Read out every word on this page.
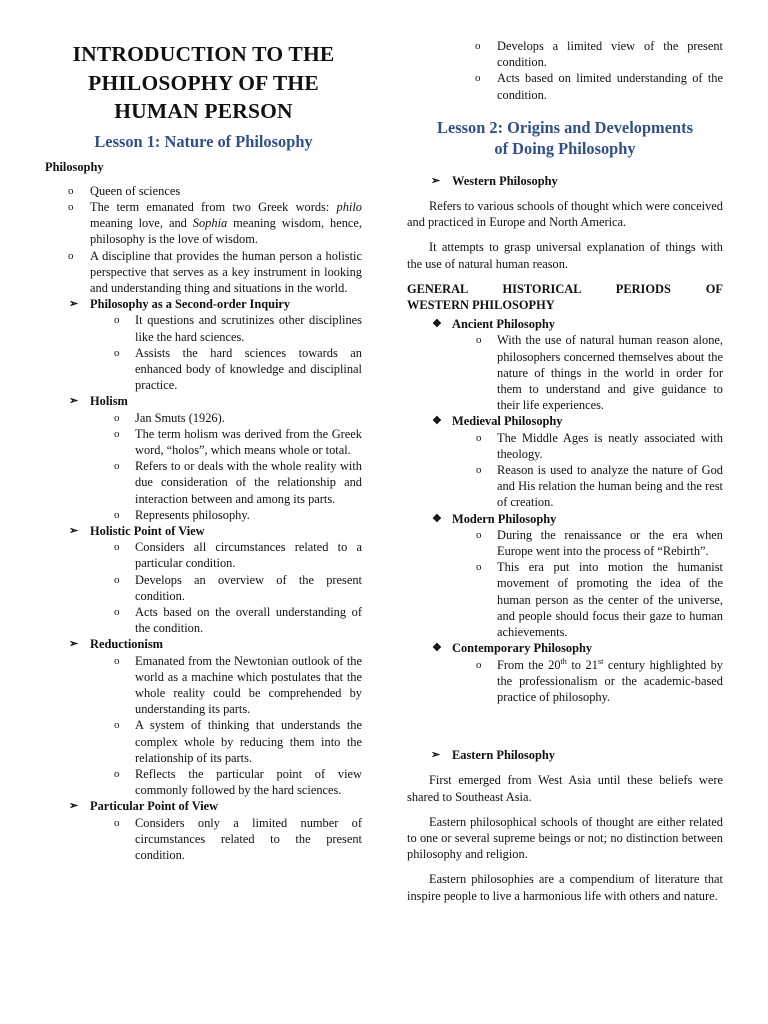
INTRODUCTION TO THE
PHILOSOPHY OF THE
HUMAN PERSON
Lesson 1: Nature of Philosophy

Philosophy

o Queen of sciences
o The term emanated from two Greek words: philo meaning love, and Sophia meaning wisdom, hence, philosophy is the love of wisdom.
o A discipline that provides the human person a holistic perspective that serves as a key instrument in looking and understanding thing and situations in the world.
➢ Philosophy as a Second-order Inquiry
o It questions and scrutinizes other disciplines like the hard sciences.
o Assists the hard sciences towards an enhanced body of knowledge and disciplinal practice.
➢ Holism
o Jan Smuts (1926).
o The term holism was derived from the Greek word, “holos”, which means whole or total.
o Refers to or deals with the whole reality with due consideration of the relationship and interaction between and among its parts.
o Represents philosophy.
➢ Holistic Point of View
o Considers all circumstances related to a particular condition.
o Develops an overview of the present condition.
o Acts based on the overall understanding of the condition.
➢ Reductionism
o Emanated from the Newtonian outlook of the world as a machine which postulates that the whole reality could be comprehended by understanding its parts.
o A system of thinking that understands the complex whole by reducing them into the relationship of its parts.
o Reflects the particular point of view commonly followed by the hard sciences.
➢ Particular Point of View
o Considers only a limited number of circumstances related to the present condition.
o Develops a limited view of the present condition.
o Acts based on limited understanding of the condition.
Lesson 2: Origins and Developments
of Doing Philosophy
➢ Western Philosophy

Refers to various schools of thought which were conceived and practiced in Europe and North America.

It attempts to grasp universal explanation of things with the use of natural human reason.

GENERAL HISTORICAL PERIODS OF

WESTERN PHILOSOPHY

❖ Ancient Philosophy
o With the use of natural human reason alone, philosophers concerned themselves about the nature of things in the world in order for them to understand and give guidance to their life experiences.
❖ Medieval Philosophy
o The Middle Ages is neatly associated with theology.
o Reason is used to analyze the nature of God and His relation the human being and the rest of creation.
❖ Modern Philosophy
o During the renaissance or the era when Europe went into the process of “Rebirth”.
o This era put into motion the humanist movement of promoting the idea of the human person as the center of the universe, and people should focus their gaze to human achievements.
❖ Contemporary Philosophy
o From the 20th to 21st century highlighted by the professionalism or the academic-based practice of philosophy.
➢ Eastern Philosophy

First emerged from West Asia until these beliefs were shared to Southeast Asia.

Eastern philosophical schools of thought are either related to one or several supreme beings or not; no distinction between philosophy and religion.

Eastern philosophies are a compendium of literature that inspire people to live a harmonious life with others and nature.
